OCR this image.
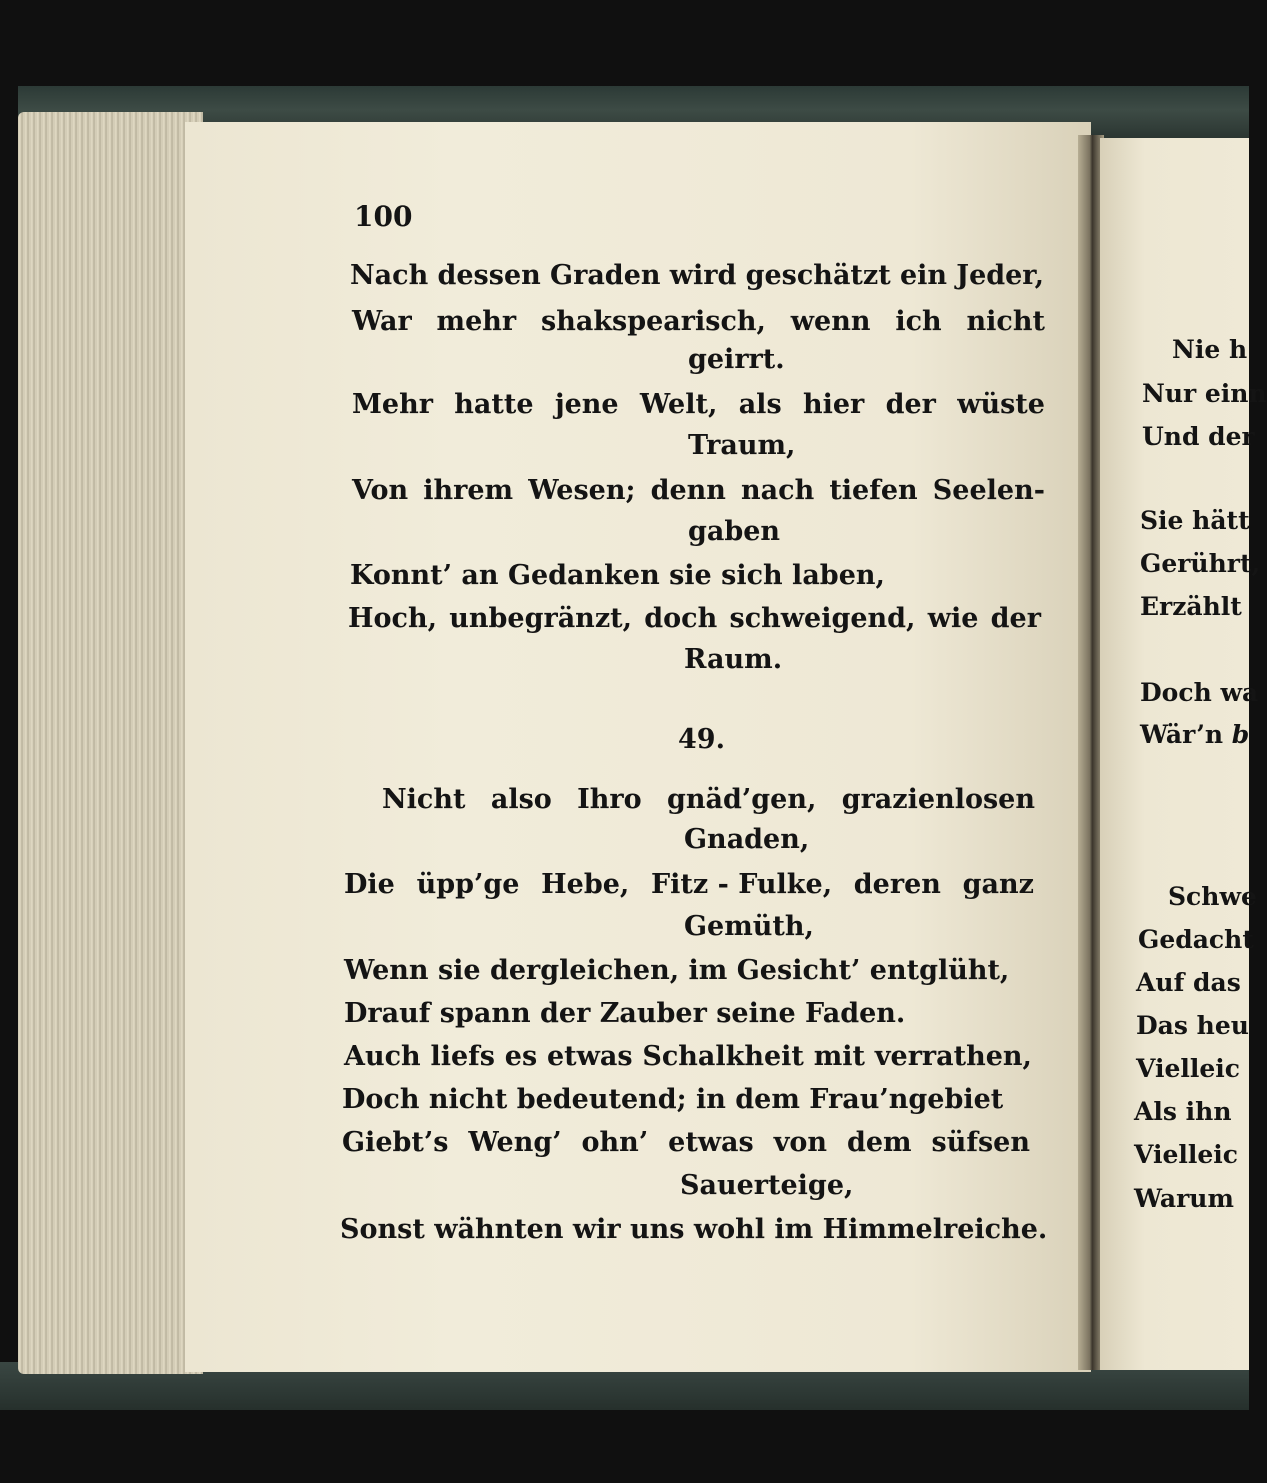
100
Nach dessen Graden wird geschätzt ein Jeder,
War mehr shakspearisch, wenn ich nicht
geirrt.
Mehr hatte jene Welt, als hier der wüste
Traum,
Von ihrem Wesen; denn nach tiefen Seelen-
gaben
Konnt’ an Gedanken sie sich laben,
Hoch, unbegränzt, doch schweigend, wie der
Raum.
49.
Nicht also Ihro gnäd’gen, grazienlosen
Gnaden,
Die üpp’ge Hebe, Fitz - Fulke, deren ganz
Gemüth,
Wenn sie dergleichen, im Gesicht’ entglüht,
Drauf spann der Zauber seine Faden.
Auch liefs es etwas Schalkheit mit verrathen,
Doch nicht bedeutend; in dem Frau’ngebiet
Giebt’s Weng’ ohn’ etwas von dem süfsen
Sauerteige,
Sonst wähnten wir uns wohl im Himmelreiche.
Nie h
Nur einn
Und der
Sie hätt
Gerührt,
Erzählt
Doch wa
Wär’n b
Schwe
Gedacht
Auf das
Das heu
Vielleic
Als ihn
Vielleic
Warum
